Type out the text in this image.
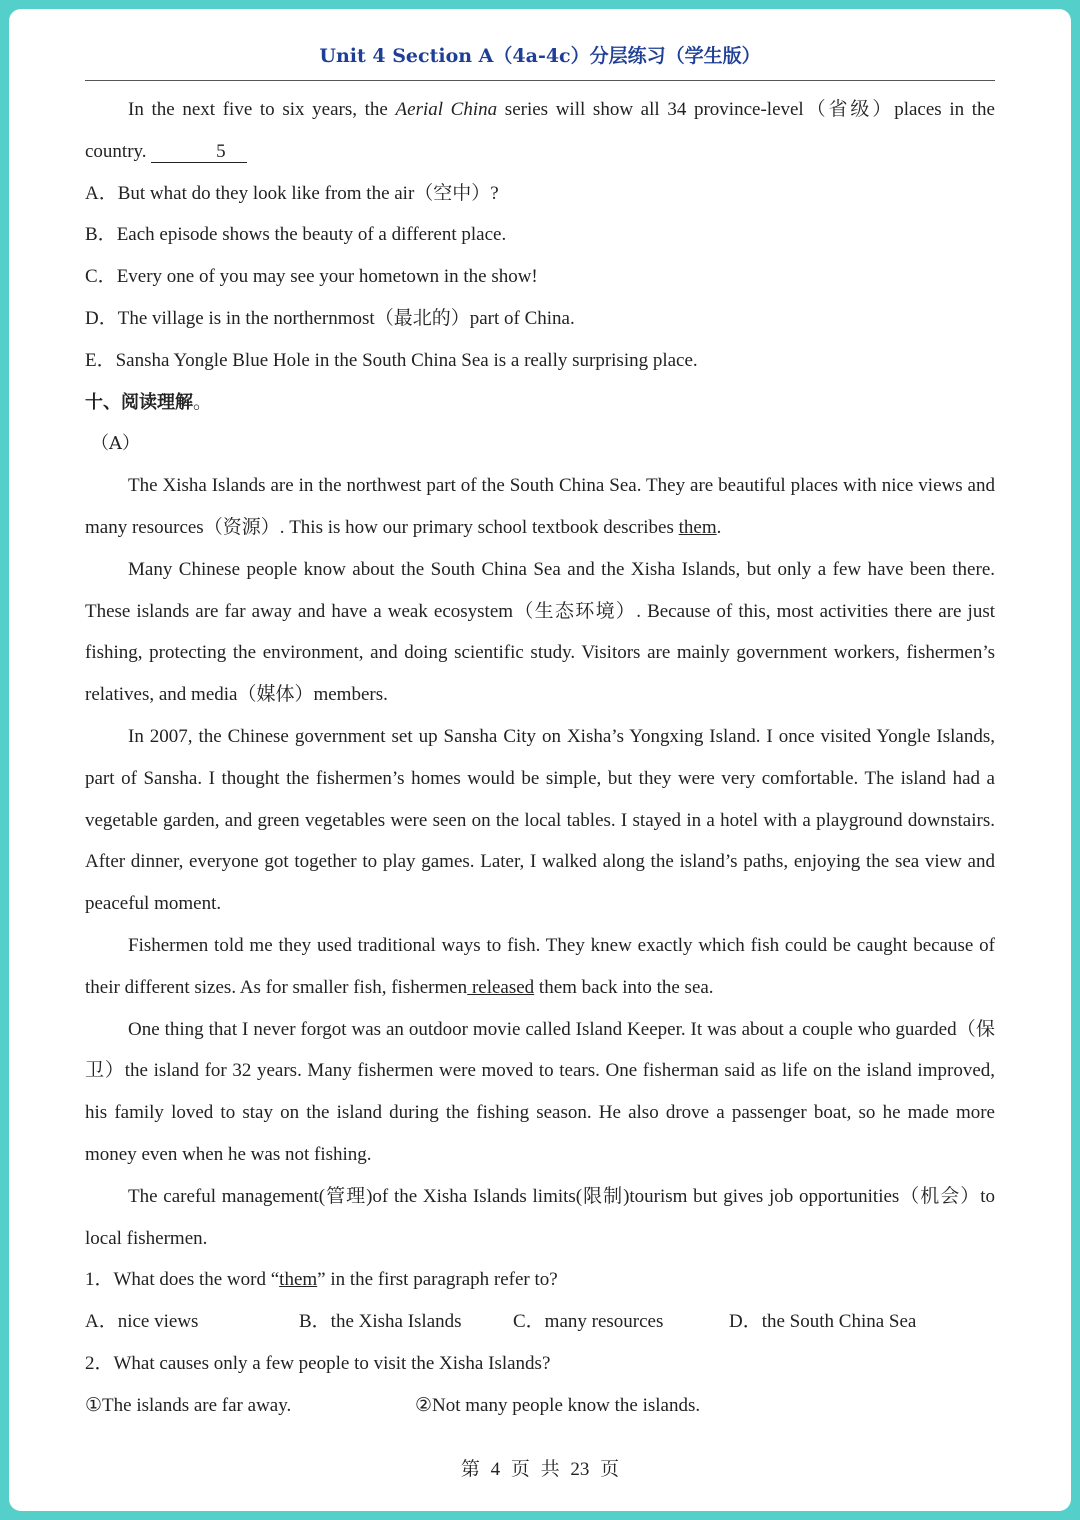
Unit 4 Section A（4a-4c）分层练习（学生版）

In the next five to six years, the Aerial China series will show all 34 province-level（省级）places in the country.	5

A．But what do they look like from the air（空中）?

B．Each episode shows the beauty of a different place.

C．Every one of you may see your hometown in the show!

D．The village is in the northernmost（最北的）part of China.

E．Sansha Yongle Blue Hole in the South China Sea is a really surprising place.

十、阅读理解。

（A）

The Xisha Islands are in the northwest part of the South China Sea. They are beautiful places with nice views and many resources（资源）. This is how our primary school textbook describes them.

Many Chinese people know about the South China Sea and the Xisha Islands, but only a few have been there. These islands are far away and have a weak ecosystem（生态环境）. Because of this, most activities there are just fishing, protecting the environment, and doing scientific study. Visitors are mainly government workers, fishermen’s relatives, and media（媒体）members.

In 2007, the Chinese government set up Sansha City on Xisha’s Yongxing Island. I once visited Yongle Islands, part of Sansha. I thought the fishermen’s homes would be simple, but they were very comfortable. The island had a vegetable garden, and green vegetables were seen on the local tables. I stayed in a hotel with a playground downstairs. After dinner, everyone got together to play games. Later, I walked along the island’s paths, enjoying the sea view and peaceful moment.

Fishermen told me they used traditional ways to fish. They knew exactly which fish could be caught because of their different sizes. As for smaller fish, fishermen released them back into the sea.

One thing that I never forgot was an outdoor movie called Island Keeper. It was about a couple who guarded（保卫）the island for 32 years. Many fishermen were moved to tears. One fisherman said as life on the island improved, his family loved to stay on the island during the fishing season. He also drove a passenger boat, so he made more money even when he was not fishing.

The careful management(管理)of the Xisha Islands limits(限制)tourism but gives job opportunities（机会）to local fishermen.

1．What does the word “them” in the first paragraph refer to?

A．nice views	B．the Xisha Islands	C．many resources	D．the South China Sea

2．What causes only a few people to visit the Xisha Islands?

①The islands are far away.	②Not many people know the islands.
第 4 页 共 23 页
